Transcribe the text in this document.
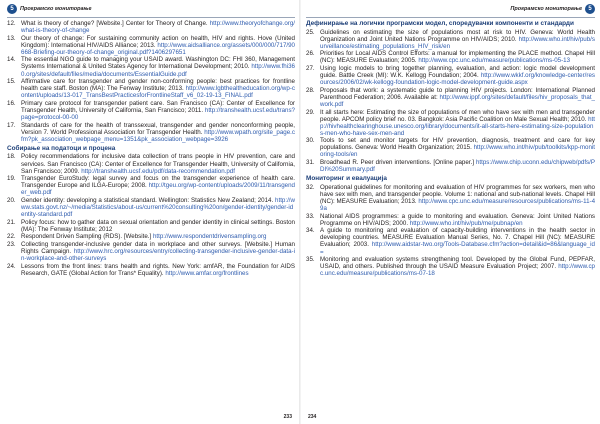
5	Програмско мониторање
12. What is theory of change? [Website.] Center for Theory of Change. http://www.theoryofchange.org/what-is-theory-of-change
13. Our theory of change: For sustaining community action on health, HIV and rights. Hove (United Kingdom): International HIV/AIDS Alliance; 2013. http://www.aidsalliance.org/assets/000/000/717/90668-Briefing-our-theory-of-change_original.pdf?1406297651
14. The essential NGO guide to managing your USAID award. Washington DC: FHI 360, Management Systems International & United States Agency for International Development; 2010. http://www.fhi360.org/sites/default/files/media/documents/EssentialGuide.pdf
15. Affirmative care for transgender and gender non-conforming people: best practices for frontline health care staff. Boston (MA): The Fenway Institute; 2013. http://www.lgbthealtheducation.org/wp-content/uploads/13-017_TransBestPracticesforFrontlineStaff_v6_02-19-13_FINAL.pdf
16. Primary care protocol for transgender patient care. San Francisco (CA): Center of Excellence for Transgender Health, University of California, San Francisco; 2011. http://transhealth.ucsf.edu/trans?page=protocol-00-00
17. Standards of care for the health of transsexual, transgender and gender nonconforming people, Version 7. World Professional Association for Transgender Health. http://www.wpath.org/site_page.cfm?pk_association_webpage_menu=1351&pk_association_webpage=3926
Собирање на податоци и процена
18. Policy recommendations for inclusive data collection of trans people in HIV prevention, care and services. San Francisco (CA): Center of Excellence for Transgender Health, University of California, San Francisco; 2009. http://transhealth.ucsf.edu/pdf/data-recommendation.pdf
19. Transgender EuroStudy: legal survey and focus on the transgender experience of health care. Transgender Europe and ILGA-Europe; 2008. http://tgeu.org/wp-content/uploads/2009/11/transgender_web.pdf
20. Gender identity: developing a statistical standard. Wellington: Statistics New Zealand; 2014. http://www.stats.govt.nz/~/media/Statistics/about-us/current%20consulting%20on/gender-identity/gender-identity-standard.pdf
21. Policy focus: how to gather data on sexual orientation and gender identity in clinical settings. Boston (MA): The Fenway Institute; 2012
22. Respondent Driven Sampling (RDS). [Website.] http://www.respondentdrivensampling.org
23. Collecting transgender-inclusive gender data in workplace and other surveys. [Website.] Human Rights Campaign. http://www.hrc.org/resources/entry/collecting-transgender-inclusive-gender-data-in-workplace-and-other-surveys
24. Lessons from the front lines: trans health and rights. New York: amfAR, the Foundation for AIDS Research, GATE (Global Action for Trans* Equality). http://www.amfar.org/frontlines
233
Програмско мониторање	5
Дефинирање на логички програмски модел, споредувачки компоненти и стандарди
25. Guidelines on estimating the size of populations most at risk to HIV. Geneva: World Health Organization and Joint United Nations Programme on HIV/AIDS; 2010. http://www.who.int/hiv/pub/surveillance/estimating_populations_HIV_risk/en
26. Priorities for Local AIDS Control Efforts: a manual for implementing the PLACE method. Chapel Hill (NC): MEASURE Evaluation; 2005. http://www.cpc.unc.edu/measure/publications/ms-05-13
27. Using logic models to bring together planning, evaluation, and action: logic model development guide. Battle Creek (MI): W.K. Kellogg Foundation; 2004. http://www.wkkf.org/knowledge-center/resources/2006/02/wk-kellogg-foundation-logic-model-development-guide.aspx
28. Proposals that work: a systematic guide to planning HIV projects. London: International Planned Parenthood Federation; 2006. Available at: http://www.ippf.org/sites/default/files/hiv_proposals_that_work.pdf
29. It all starts here: Estimating the size of populations of men who have sex with men and transgender people. APCOM policy brief no. 03. Bangkok: Asia Pacific Coalition on Male Sexual Health; 2010. http://hivhealthclearinghouse.unesco.org/library/documents/it-all-starts-here-estimating-size-populations-men-who-have-sex-men-and
30. Tools to set and monitor targets for HIV prevention, diagnosis, treatment and care for key populations. Geneva: World Health Organization; 2015. http://www.who.int/hiv/pub/toolkits/kpp-monitoring-tools/en
31. Broadhead R. Peer driven interventions. [Online paper.] https://www.chip.uconn.edu/chipweb/pdfs/PDI%20Summary.pdf
Мониторинг и евалуација
32. Operational guidelines for monitoring and evaluation of HIV programmes for sex workers, men who have sex with men, and transgender people. Volume 1: national and sub-national levels. Chapel Hill (NC): MEASURE Evaluation; 2013. http://www.cpc.unc.edu/measure/resources/publications/ms-11-49a
33. National AIDS programmes: a guide to monitoring and evaluation. Geneva: Joint United Nations Programme on HIV/AIDS; 2000. http://www.who.int/hiv/pub/me/pubnap/en
34. A guide to monitoring and evaluation of capacity-building interventions in the health sector in developing countries. MEASURE Evaluation Manual Series, No. 7. Chapel Hill (NC): MEASURE Evaluation; 2003. http://www.aidstar-two.org/Tools-Database.cfm?action=detail&id=86&language_id=
35. Monitoring and evaluation systems strengthening tool. Developed by the Global Fund, PEPFAR, USAID, and others. Published through the USAID Measure Evaluation Project; 2007. http://www.cpc.unc.edu/measure/publications/ms-07-18
234
